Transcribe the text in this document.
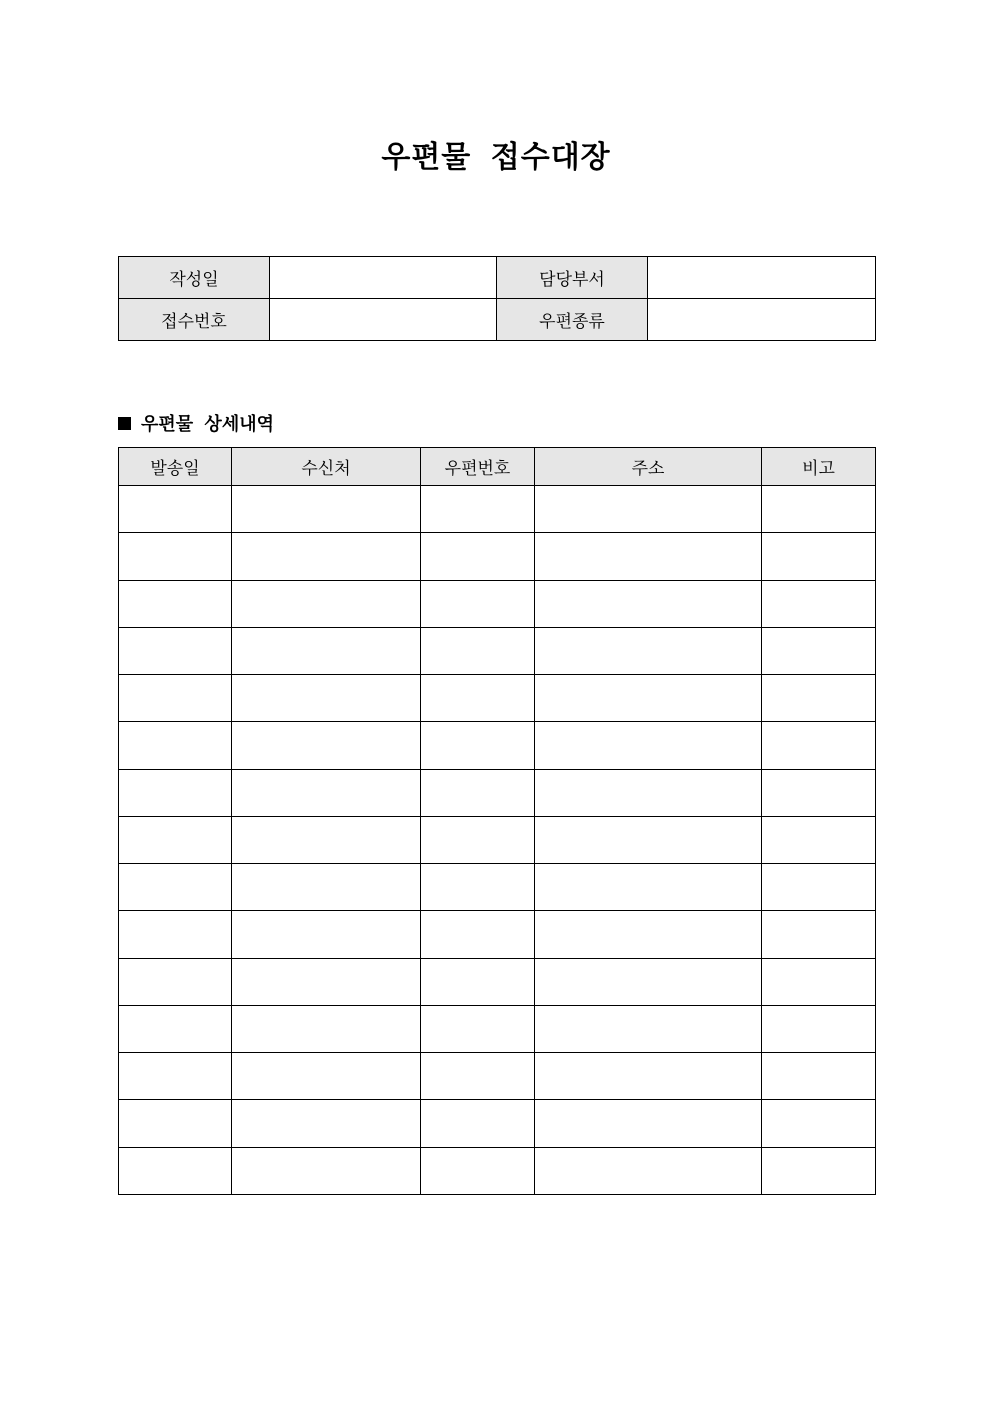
우편물 접수대장
작성일		담당부서	
접수번호		우편종류	
우편물 상세내역
발송일	수신처	우편번호	주소	비고
